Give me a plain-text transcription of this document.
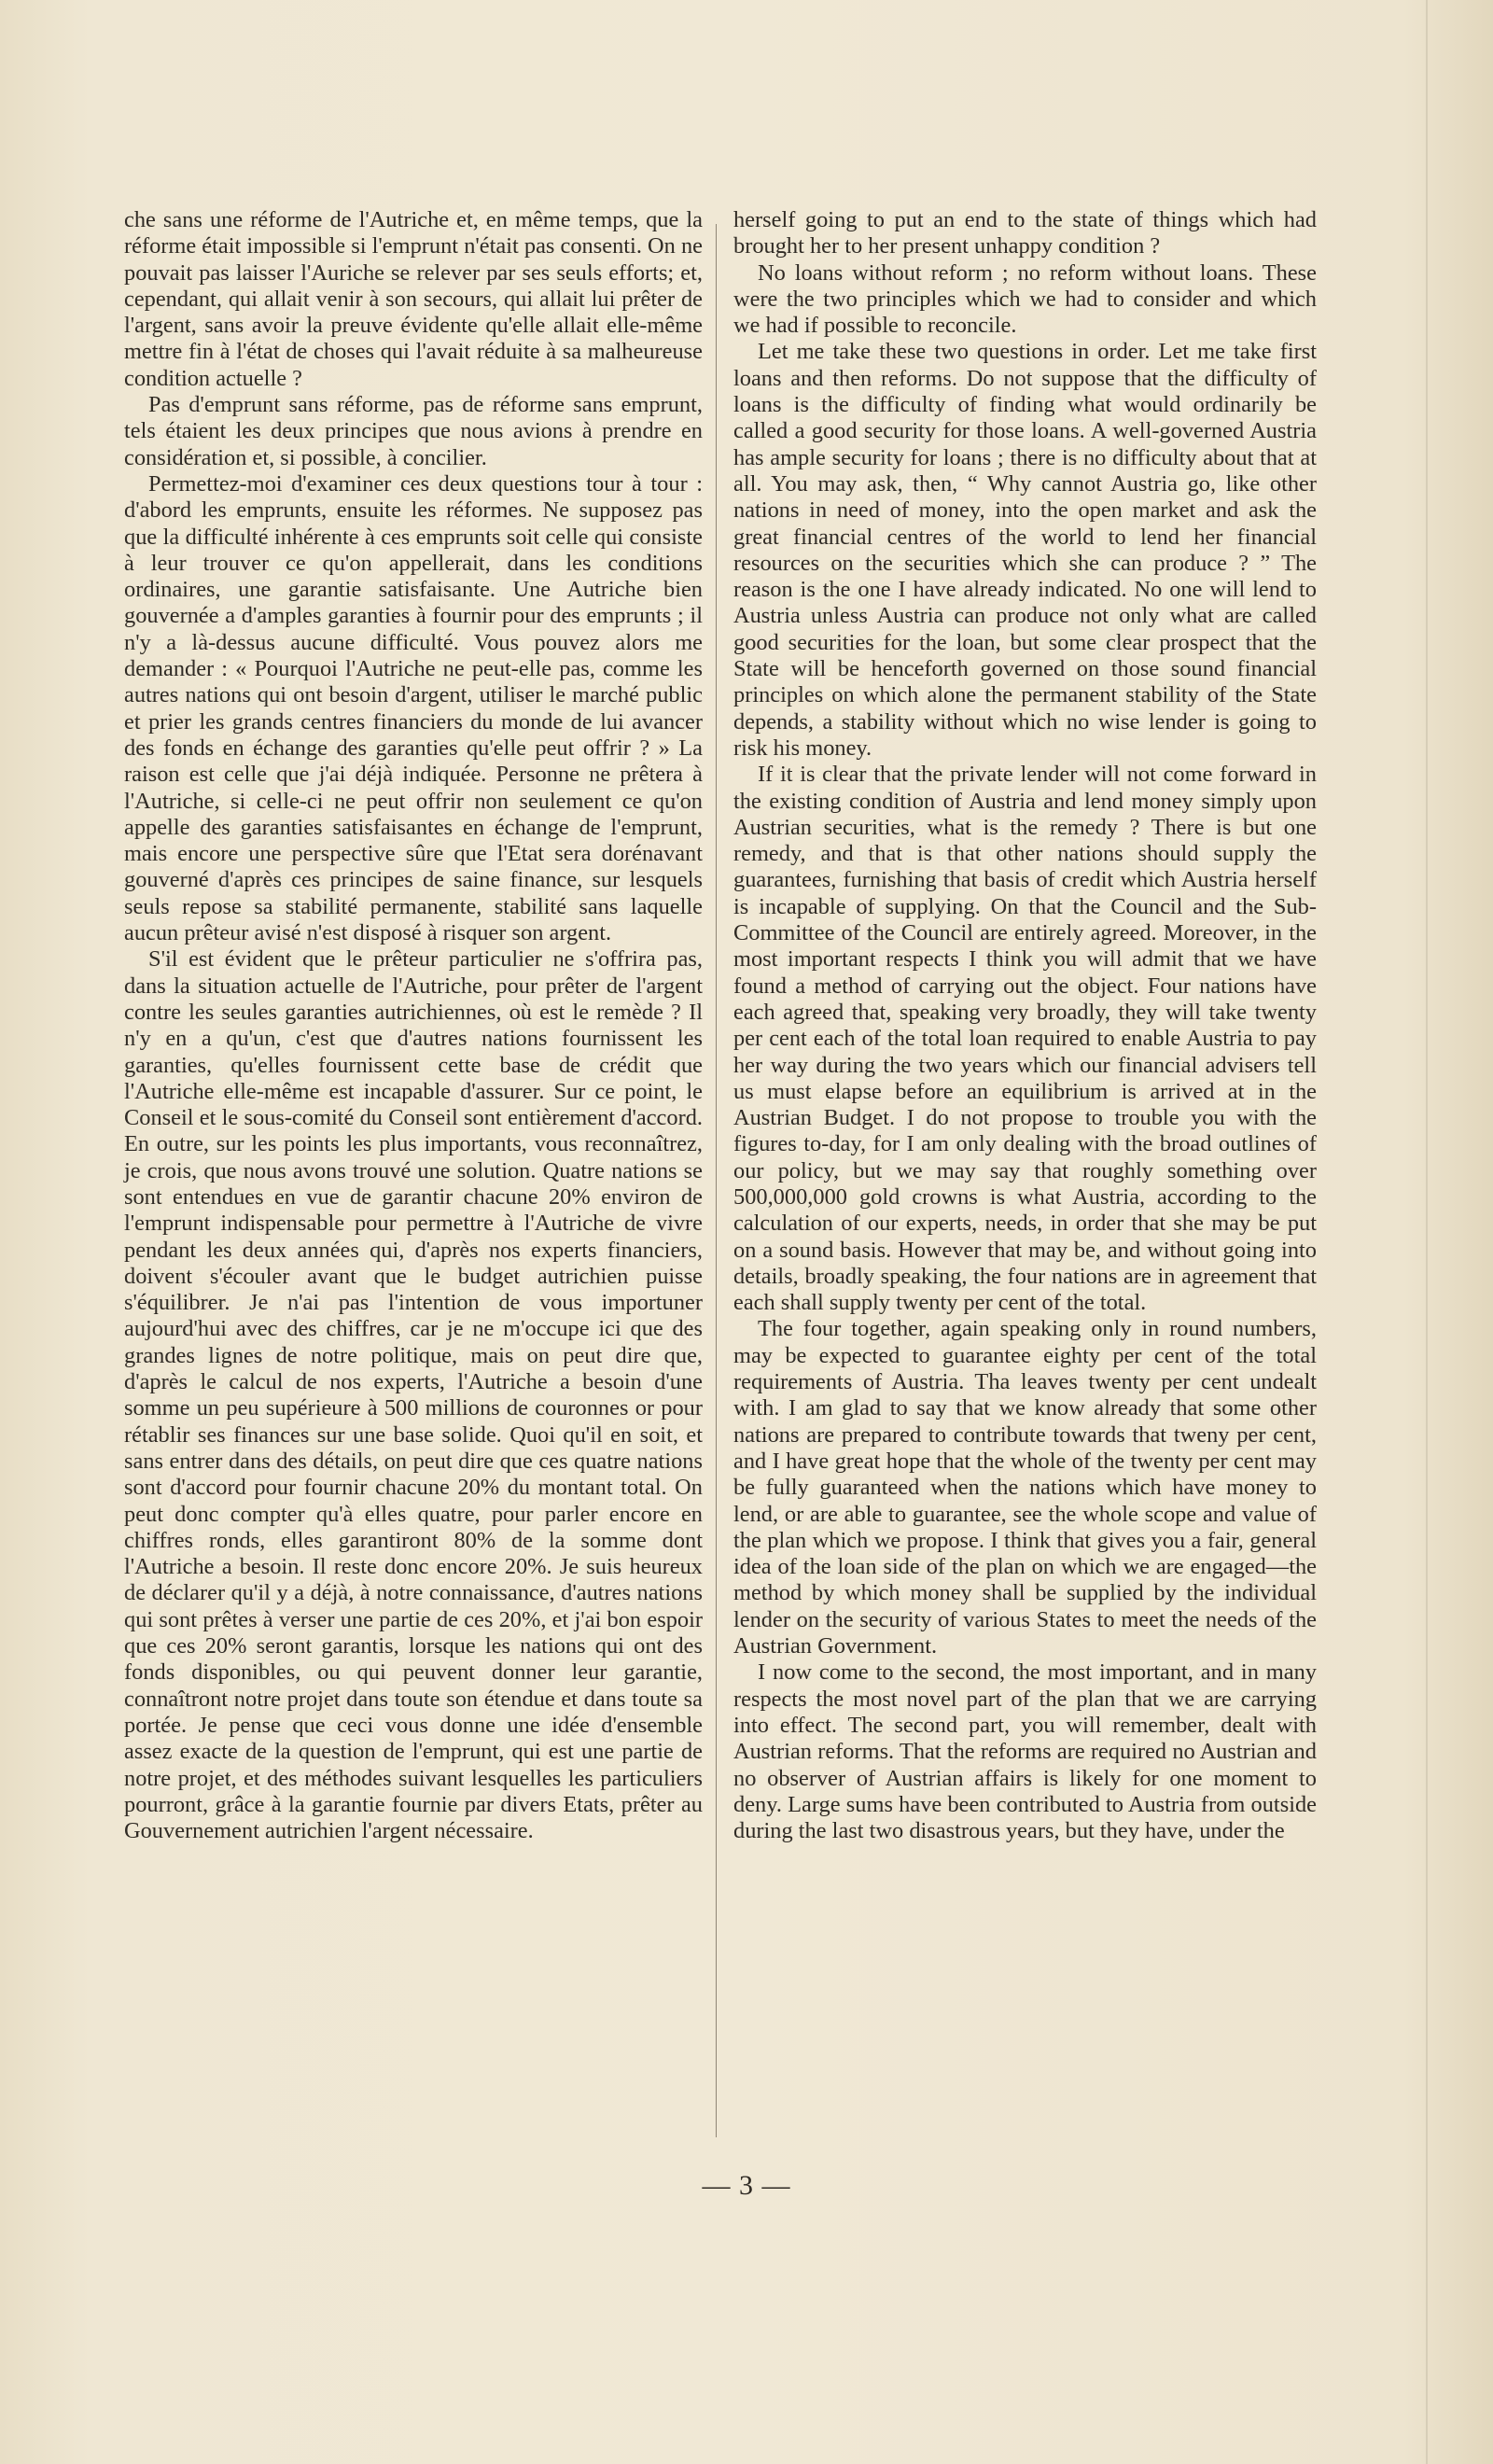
che sans une réforme de l'Autriche et, en même temps, que la réforme était impossible si l'emprunt n'était pas consenti. On ne pouvait pas laisser l'Auriche se relever par ses seuls efforts; et, cependant, qui allait venir à son secours, qui allait lui prêter de l'argent, sans avoir la preuve évidente qu'elle allait elle-même mettre fin à l'état de choses qui l'avait réduite à sa malheureuse condition actuelle ?

Pas d'emprunt sans réforme, pas de réforme sans emprunt, tels étaient les deux principes que nous avions à prendre en considération et, si possible, à concilier.

Permettez-moi d'examiner ces deux questions tour à tour : d'abord les emprunts, ensuite les réformes. Ne supposez pas que la difficulté inhérente à ces emprunts soit celle qui consiste à leur trouver ce qu'on appellerait, dans les conditions ordinaires, une garantie satisfaisante. Une Autriche bien gouvernée a d'amples garanties à fournir pour des emprunts ; il n'y a là-dessus aucune difficulté. Vous pouvez alors me demander : « Pourquoi l'Autriche ne peut-elle pas, comme les autres nations qui ont besoin d'argent, utiliser le marché public et prier les grands centres financiers du monde de lui avancer des fonds en échange des garanties qu'elle peut offrir ? » La raison est celle que j'ai déjà indiquée. Personne ne prêtera à l'Autriche, si celle-ci ne peut offrir non seulement ce qu'on appelle des garanties satisfaisantes en échange de l'emprunt, mais encore une perspective sûre que l'Etat sera dorénavant gouverné d'après ces principes de saine finance, sur lesquels seuls repose sa stabilité permanente, stabilité sans laquelle aucun prêteur avisé n'est disposé à risquer son argent.

S'il est évident que le prêteur particulier ne s'offrira pas, dans la situation actuelle de l'Autriche, pour prêter de l'argent contre les seules garanties autrichiennes, où est le remède ? Il n'y en a qu'un, c'est que d'autres nations fournissent les garanties, qu'elles fournissent cette base de crédit que l'Autriche elle-même est incapable d'assurer. Sur ce point, le Conseil et le sous-comité du Conseil sont entièrement d'accord. En outre, sur les points les plus importants, vous reconnaîtrez, je crois, que nous avons trouvé une solution. Quatre nations se sont entendues en vue de garantir chacune 20% environ de l'emprunt indispensable pour permettre à l'Autriche de vivre pendant les deux années qui, d'après nos experts financiers, doivent s'écouler avant que le budget autrichien puisse s'équilibrer. Je n'ai pas l'intention de vous importuner aujourd'hui avec des chiffres, car je ne m'occupe ici que des grandes lignes de notre politique, mais on peut dire que, d'après le calcul de nos experts, l'Autriche a besoin d'une somme un peu supérieure à 500 millions de couronnes or pour rétablir ses finances sur une base solide. Quoi qu'il en soit, et sans entrer dans des détails, on peut dire que ces quatre nations sont d'accord pour fournir chacune 20% du montant total. On peut donc compter qu'à elles quatre, pour parler encore en chiffres ronds, elles garantiront 80% de la somme dont l'Autriche a besoin. Il reste donc encore 20%. Je suis heureux de déclarer qu'il y a déjà, à notre connaissance, d'autres nations qui sont prêtes à verser une partie de ces 20%, et j'ai bon espoir que ces 20% seront garantis, lorsque les nations qui ont des fonds disponibles, ou qui peuvent donner leur garantie, connaîtront notre projet dans toute son étendue et dans toute sa portée. Je pense que ceci vous donne une idée d'ensemble assez exacte de la question de l'emprunt, qui est une partie de notre projet, et des méthodes suivant lesquelles les particuliers pourront, grâce à la garantie fournie par divers Etats, prêter au Gouvernement autrichien l'argent nécessaire.

herself going to put an end to the state of things which had brought her to her present unhappy condition ?

No loans without reform ; no reform without loans. These were the two principles which we had to consider and which we had if possible to reconcile.

Let me take these two questions in order. Let me take first loans and then reforms. Do not suppose that the difficulty of loans is the difficulty of finding what would ordinarily be called a good security for those loans. A well-governed Austria has ample security for loans ; there is no difficulty about that at all. You may ask, then, “ Why cannot Austria go, like other nations in need of money, into the open market and ask the great financial centres of the world to lend her financial resources on the securities which she can produce ? ” The reason is the one I have already indicated. No one will lend to Austria unless Austria can produce not only what are called good securities for the loan, but some clear prospect that the State will be henceforth governed on those sound financial principles on which alone the permanent stability of the State depends, a stability without which no wise lender is going to risk his money.

If it is clear that the private lender will not come forward in the existing condition of Austria and lend money simply upon Austrian securities, what is the remedy ? There is but one remedy, and that is that other nations should supply the guarantees, furnishing that basis of credit which Austria herself is incapable of supplying. On that the Council and the Sub-Committee of the Council are entirely agreed. Moreover, in the most important respects I think you will admit that we have found a method of carrying out the object. Four nations have each agreed that, speaking very broadly, they will take twenty per cent each of the total loan required to enable Austria to pay her way during the two years which our financial advisers tell us must elapse before an equilibrium is arrived at in the Austrian Budget. I do not propose to trouble you with the figures to-day, for I am only dealing with the broad outlines of our policy, but we may say that roughly something over 500,000,000 gold crowns is what Austria, according to the calculation of our experts, needs, in order that she may be put on a sound basis. However that may be, and without going into details, broadly speaking, the four nations are in agreement that each shall supply twenty per cent of the total.

The four together, again speaking only in round numbers, may be expected to guarantee eighty per cent of the total requirements of Austria. Tha leaves twenty per cent undealt with. I am glad to say that we know already that some other nations are prepared to contribute towards that tweny per cent, and I have great hope that the whole of the twenty per cent may be fully guaranteed when the nations which have money to lend, or are able to guarantee, see the whole scope and value of the plan which we propose. I think that gives you a fair, general idea of the loan side of the plan on which we are engaged—the method by which money shall be supplied by the individual lender on the security of various States to meet the needs of the Austrian Government.

I now come to the second, the most important, and in many respects the most novel part of the plan that we are carrying into effect. The second part, you will remember, dealt with Austrian reforms. That the reforms are required no Austrian and no observer of Austrian affairs is likely for one moment to deny. Large sums have been contributed to Austria from outside during the last two disastrous years, but they have, under the

— 3 —
